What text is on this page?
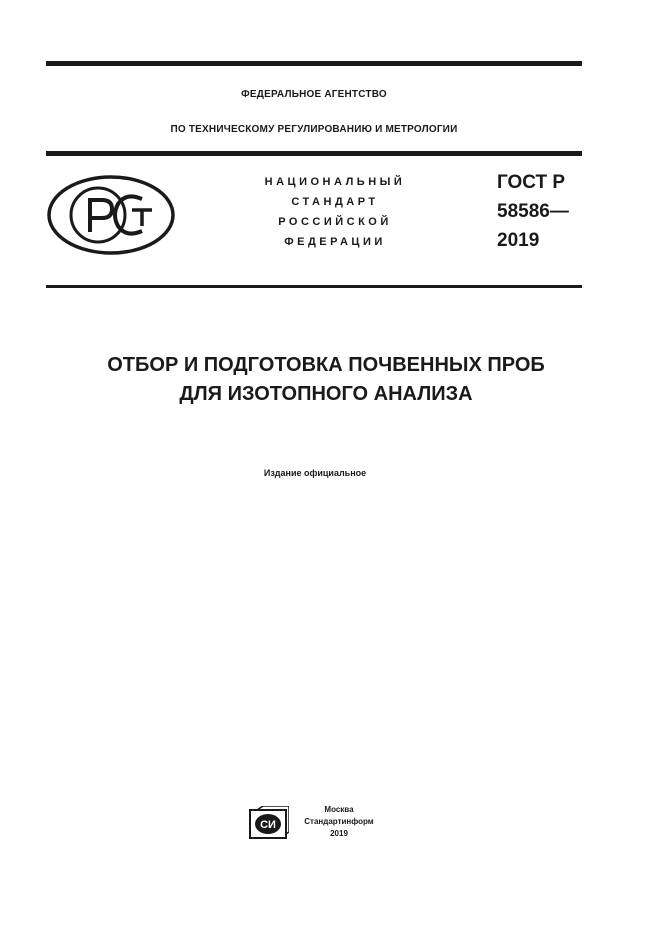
ФЕДЕРАЛЬНОЕ АГЕНТСТВО
ПО ТЕХНИЧЕСКОМУ РЕГУЛИРОВАНИЮ И МЕТРОЛОГИИ
НАЦИОНАЛЬНЫЙ
СТАНДАРТ
РОССИЙСКОЙ
ФЕДЕРАЦИИ
ГОСТ Р
58586—
2019
ОТБОР И ПОДГОТОВКА ПОЧВЕННЫХ ПРОБ
ДЛЯ ИЗОТОПНОГО АНАЛИЗА
Издание официальное
СИ
Москва
Стандартинформ
2019
